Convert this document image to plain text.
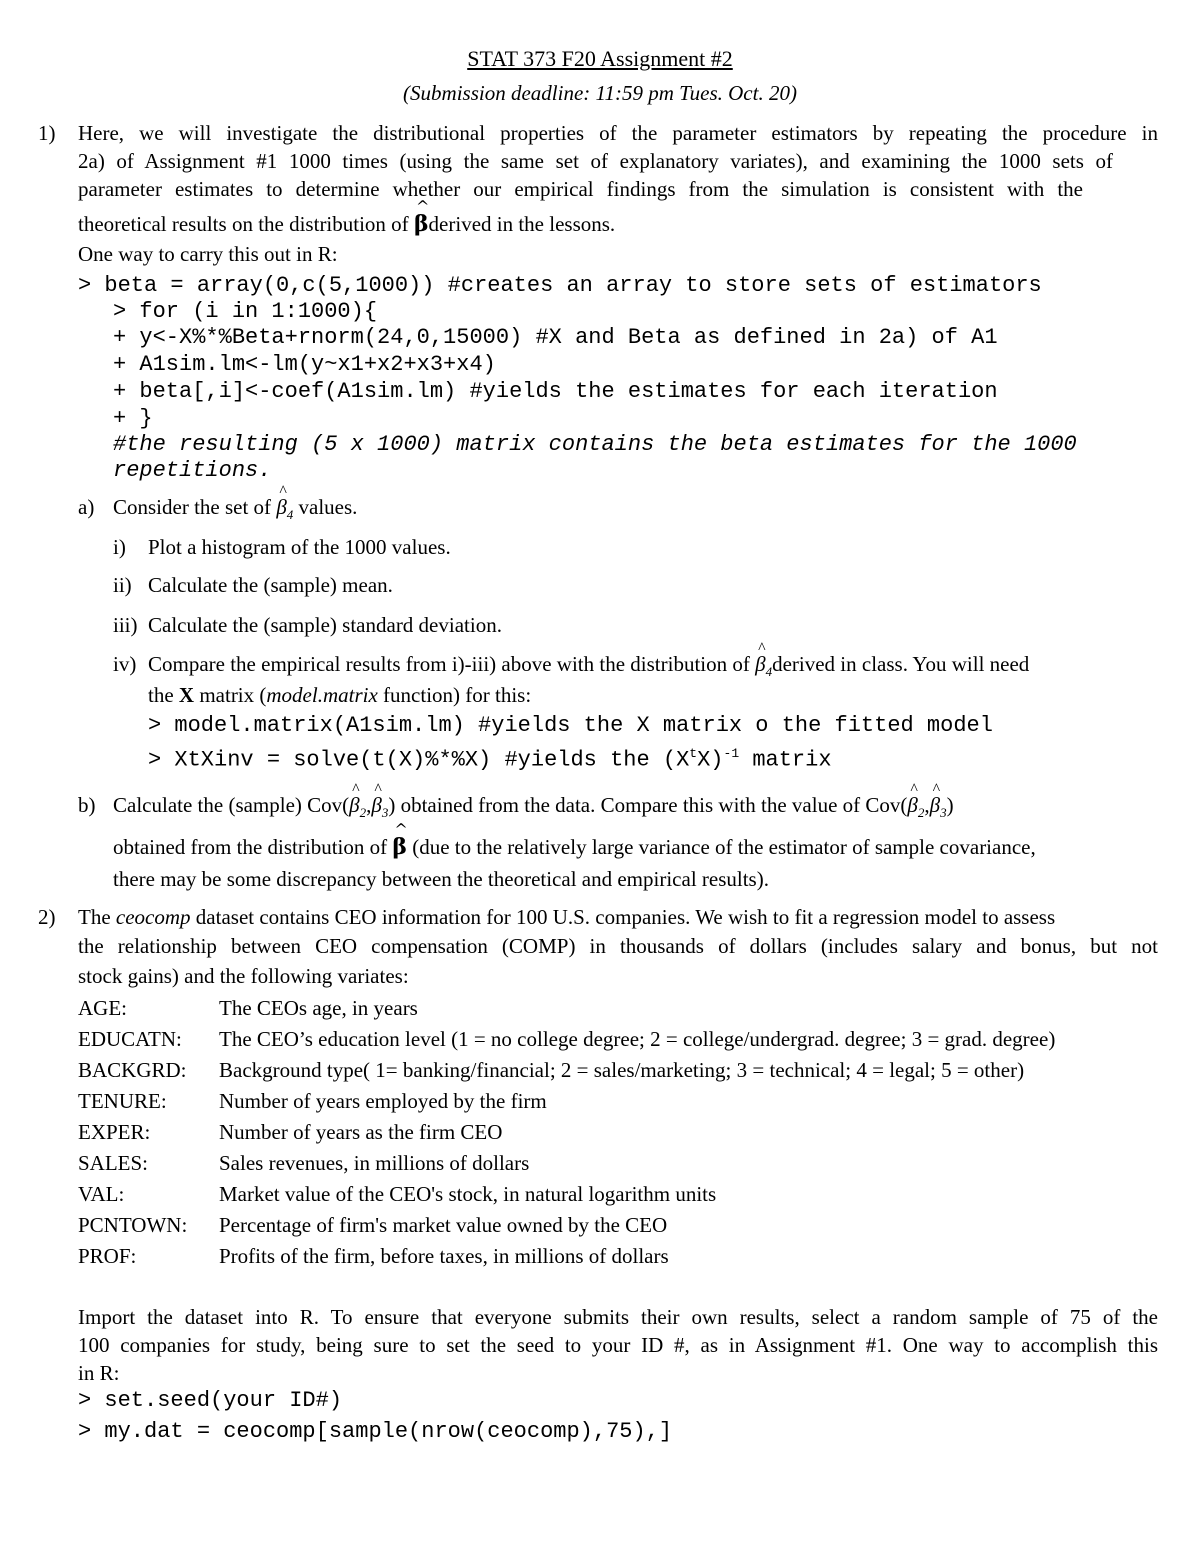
STAT 373 F20 Assignment #2
(Submission deadline: 11:59 pm Tues. Oct. 20)
1) Here, we will investigate the distributional properties of the parameter estimators by repeating the procedure in
2a) of Assignment #1 1000 times (using the same set of explanatory variates), and examining the 1000 sets of
parameter estimates to determine whether our empirical findings from the simulation is consistent with the
theoretical results on the distribution of ^ βderived in the lessons.
One way to carry this out in R:
> beta = array(0,c(5,1000)) #creates an array to store sets of estimators
> for (i in 1:1000){
+ y<-X%*%Beta+rnorm(24,0,15000) #X and Beta as defined in 2a) of A1
+ A1sim.lm<-lm(y~x1+x2+x3+x4)
+ beta[,i]<-coef(A1sim.lm) #yields the estimates for each iteration
+ }
#the resulting (5 x 1000) matrix contains the beta estimates for the 1000
repetitions.
a) Consider the set of ^ $\beta_4$ values.
i) Plot a histogram of the 1000 values.
ii) Calculate the (sample) mean.
iii) Calculate the (sample) standard deviation.
iv) Compare the empirical results from i)-iii) above with the distribution of ^ $\beta_4derived$ in class. You will need
the X matrix (model.matrix function) for this:
> model.matrix(A1sim.lm) #yields the X matrix o the fitted model
> XtXinv = solve(t(X)%*%X) #yields the $(X^tX)^{-1}$ matrix
b) Calculate the (sample) Cov(^ $\beta_2,\^{}$ $\beta_3$) obtained from the data. Compare this with the value of Cov(^ $\beta_2,\^{}$ $\beta_3$)
obtained from the distribution of ^ β (due to the relatively large variance of the estimator of sample covariance,
there may be some discrepancy between the theoretical and empirical results).
2) The ceocomp dataset contains CEO information for 100 U.S. companies. We wish to fit a regression model to assess
the relationship between CEO compensation (COMP) in thousands of dollars (includes salary and bonus, but not
stock gains) and the following variates:
AGE:	The CEOs age, in years
EDUCATN: The CEO’s education level (1 = no college degree; 2 = college/undergrad. degree; 3 = grad. degree)
BACKGRD: Background type( 1= banking/financial; 2 = sales/marketing; 3 = technical; 4 = legal; 5 = other)
TENURE: Number of years employed by the firm
EXPER:	Number of years as the firm CEO
SALES:	Sales revenues, in millions of dollars
VAL:	Market value of the CEO's stock, in natural logarithm units
PCNTOWN: Percentage of firm's market value owned by the CEO
PROF:	Profits of the firm, before taxes, in millions of dollars
Import the dataset into R. To ensure that everyone submits their own results, select a random sample of 75 of the
100 companies for study, being sure to set the seed to your ID #, as in Assignment #1. One way to accomplish this
in R:
> set.seed(your ID#)
> my.dat = ceocomp[sample(nrow(ceocomp),75),]
